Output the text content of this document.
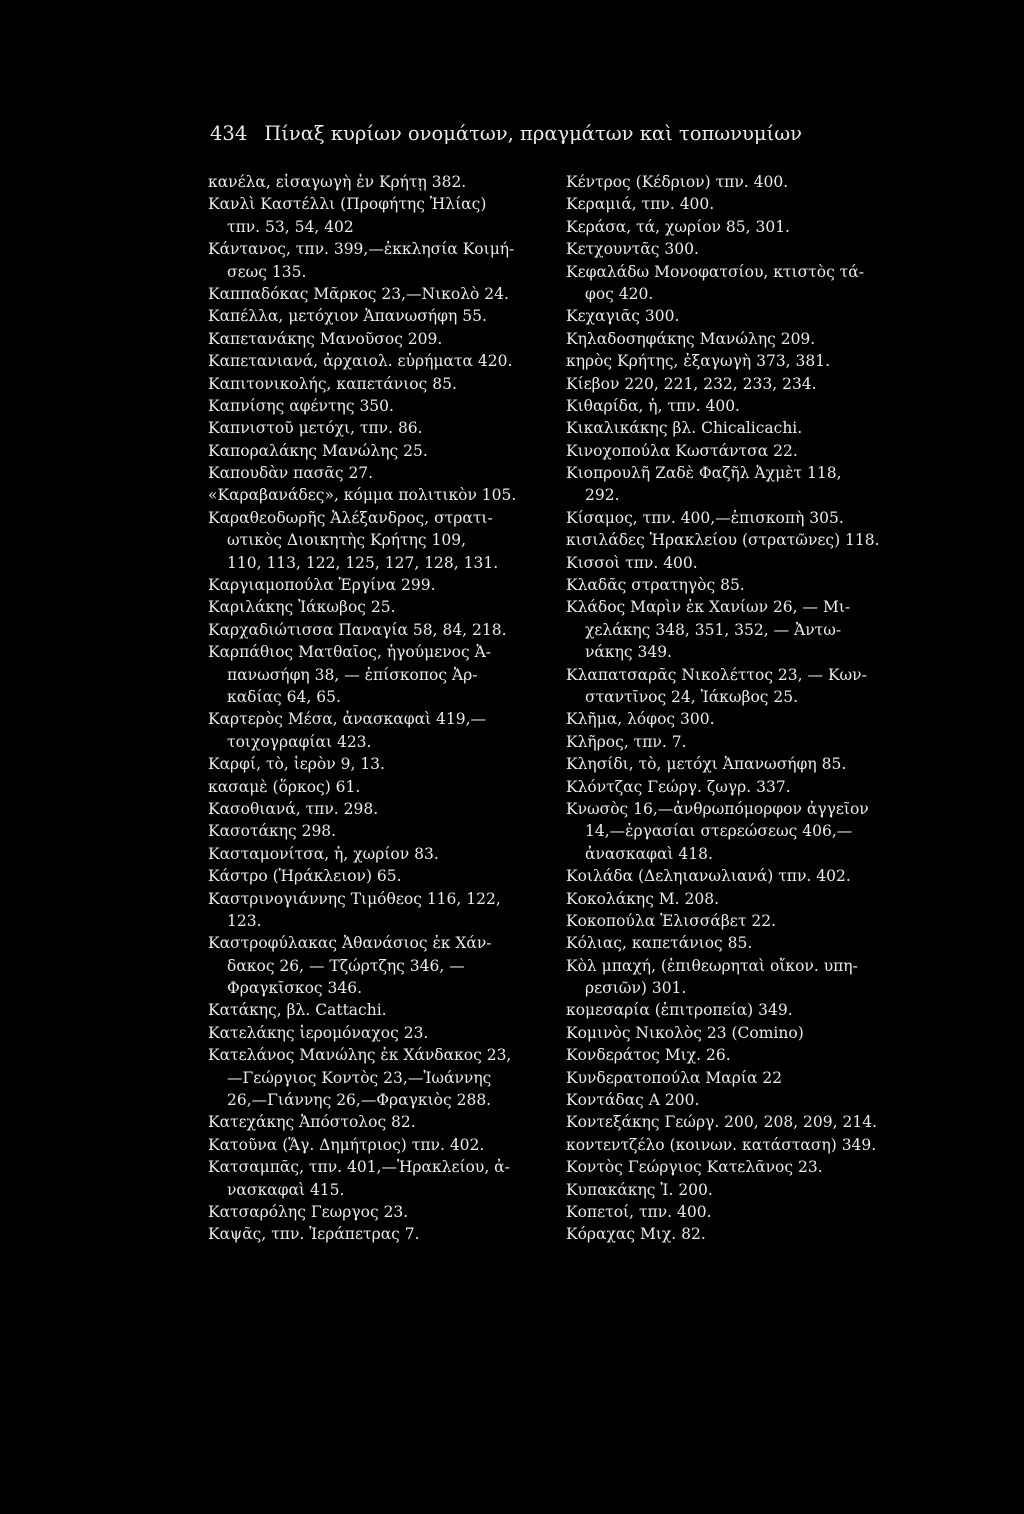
434 Πίναξ κυρίων ονομάτων, πραγμάτων καὶ τοπωνυμίων
κανέλα, εἰσαγωγὴ ἐν Κρήτῃ 382.
Κανλὶ Καστέλλι (Προφήτης Ἠλίας)
τπν. 53, 54, 402
Κάντανος, τπν. 399,—ἐκκλησία Κοιμή-
σεως 135.
Καππαδόκας Μᾶρκος 23,—Νικολὸ 24.
Καπέλλα, μετόχιον Ἀπανωσήφη 55.
Καπετανάκης Μανοῦσος 209.
Καπετανιανά, ἀρχαιολ. εὑρήματα 420.
Καπιτονικολής, καπετάνιος 85.
Καπνίσης αφέντης 350.
Καπνιστοῦ μετόχι, τπν. 86.
Καποραλάκης Μανώλης 25.
Καπουδὰν πασᾶς 27.
«Καραβανάδες», κόμμα πολιτικὸν 105.
Καραθεοδωρῆς Ἀλέξανδρος, στρατι-
ωτικὸς Διοικητὴς Κρήτης 109,
110, 113, 122, 125, 127, 128, 131.
Καργιαμοπούλα Ἐργίνα 299.
Καριλάκης Ἰάκωβος 25.
Καρχαδιώτισσα Παναγία 58, 84, 218.
Καρπάθιος Ματθαῖος, ἡγούμενος Ἀ-
πανωσήφη 38, — ἐπίσκοπος Ἀρ-
καδίας 64, 65.
Καρτερὸς Μέσα, ἀνασκαφαὶ 419,—
τοιχογραφίαι 423.
Καρφί, τὸ, ἱερὸν 9, 13.
κασαμὲ (ὅρκος) 61.
Κασοθιανά, τπν. 298.
Κασοτάκης 298.
Κασταμονίτσα, ἡ, χωρίον 83.
Κάστρο (Ἡράκλειον) 65.
Καστρινογιάννης Τιμόθεος 116, 122,
123.
Καστροφύλακας Ἀθανάσιος ἐκ Χάν-
δακος 26, — Τζώρτζης 346, —
Φραγκῖσκος 346.
Κατάκης, βλ. Cattachi.
Κατελάκης ἱερομόναχος 23.
Κατελάνος Μανώλης ἐκ Χάνδακος 23,
—Γεώργιος Κοντὸς 23,—Ἰωάννης
26,—Γιάννης 26,—Φραγκιὸς 288.
Κατεχάκης Ἀπόστολος 82.
Κατοῦνα (Ἅγ. Δημήτριος) τπν. 402.
Κατσαμπᾶς, τπν. 401,—Ἡρακλείου, ἀ-
νασκαφαὶ 415.
Κατσαρόλης Γεωργος 23.
Καψᾶς, τπν. Ἱεράπετρας 7.
Κέντρος (Κέδριον) τπν. 400.
Κεραμιά, τπν. 400.
Κεράσα, τά, χωρίον 85, 301.
Κετχουντᾶς 300.
Κεφαλάδω Μονοφατσίου, κτιστὸς τά-
φος 420.
Κεχαγιᾶς 300.
Κηλαδοσηφάκης Μανώλης 209.
κηρὸς Κρήτης, ἐξαγωγὴ 373, 381.
Κίεβον 220, 221, 232, 233, 234.
Κιθαρίδα, ἡ, τπν. 400.
Κικαλικάκης βλ. Chicalicachi.
Κινοχοπούλα Κωστάντσα 22.
Κιοπρουλῆ Ζαδὲ Φαζῆλ Ἀχμὲτ 118,
292.
Κίσαμος, τπν. 400,—ἐπισκοπὴ 305.
κισιλάδες Ἡρακλείου (στρατῶνες) 118.
Κισσοὶ τπν. 400.
Κλαδᾶς στρατηγὸς 85.
Κλάδος Μαρὶν ἐκ Χανίων 26, — Μι-
χελάκης 348, 351, 352, — Ἀντω-
νάκης 349.
Κλαπατσαρᾶς Νικολέττος 23, — Κων-
σταντῖνος 24, Ἰάκωβος 25.
Κλῆμα, λόφος 300.
Κλῆρος, τπν. 7.
Κλησίδι, τὸ, μετόχι Ἀπανωσήφη 85.
Κλόντζας Γεώργ. ζωγρ. 337.
Κνωσὸς 16,—ἀνθρωπόμορφον ἀγγεῖον
14,—ἐργασίαι στερεώσεως 406,—
ἀνασκαφαὶ 418.
Κοιλάδα (Δεληιανωλιανά) τπν. 402.
Κοκολάκης Μ. 208.
Κοκοπούλα Ἐλισσάβετ 22.
Κόλιας, καπετάνιος 85.
Κὸλ μπαχή, (ἐπιθεωρηταὶ οἴκον. υπη-
ρεσιῶν) 301.
κομεσαρία (ἐπιτροπεία) 349.
Κομινὸς Νικολὸς 23 (Comino)
Κονδεράτος Μιχ. 26.
Κυνδερατοπούλα Μαρία 22
Κοντάδας Α 200.
Κοντεξάκης Γεώργ. 200, 208, 209, 214.
κοντεντζέλο (κοινων. κατάσταση) 349.
Κοντὸς Γεώργιος Κατελᾶνος 23.
Κυπακάκης Ἰ. 200.
Κοπετοί, τπν. 400.
Κόραχας Μιχ. 82.
